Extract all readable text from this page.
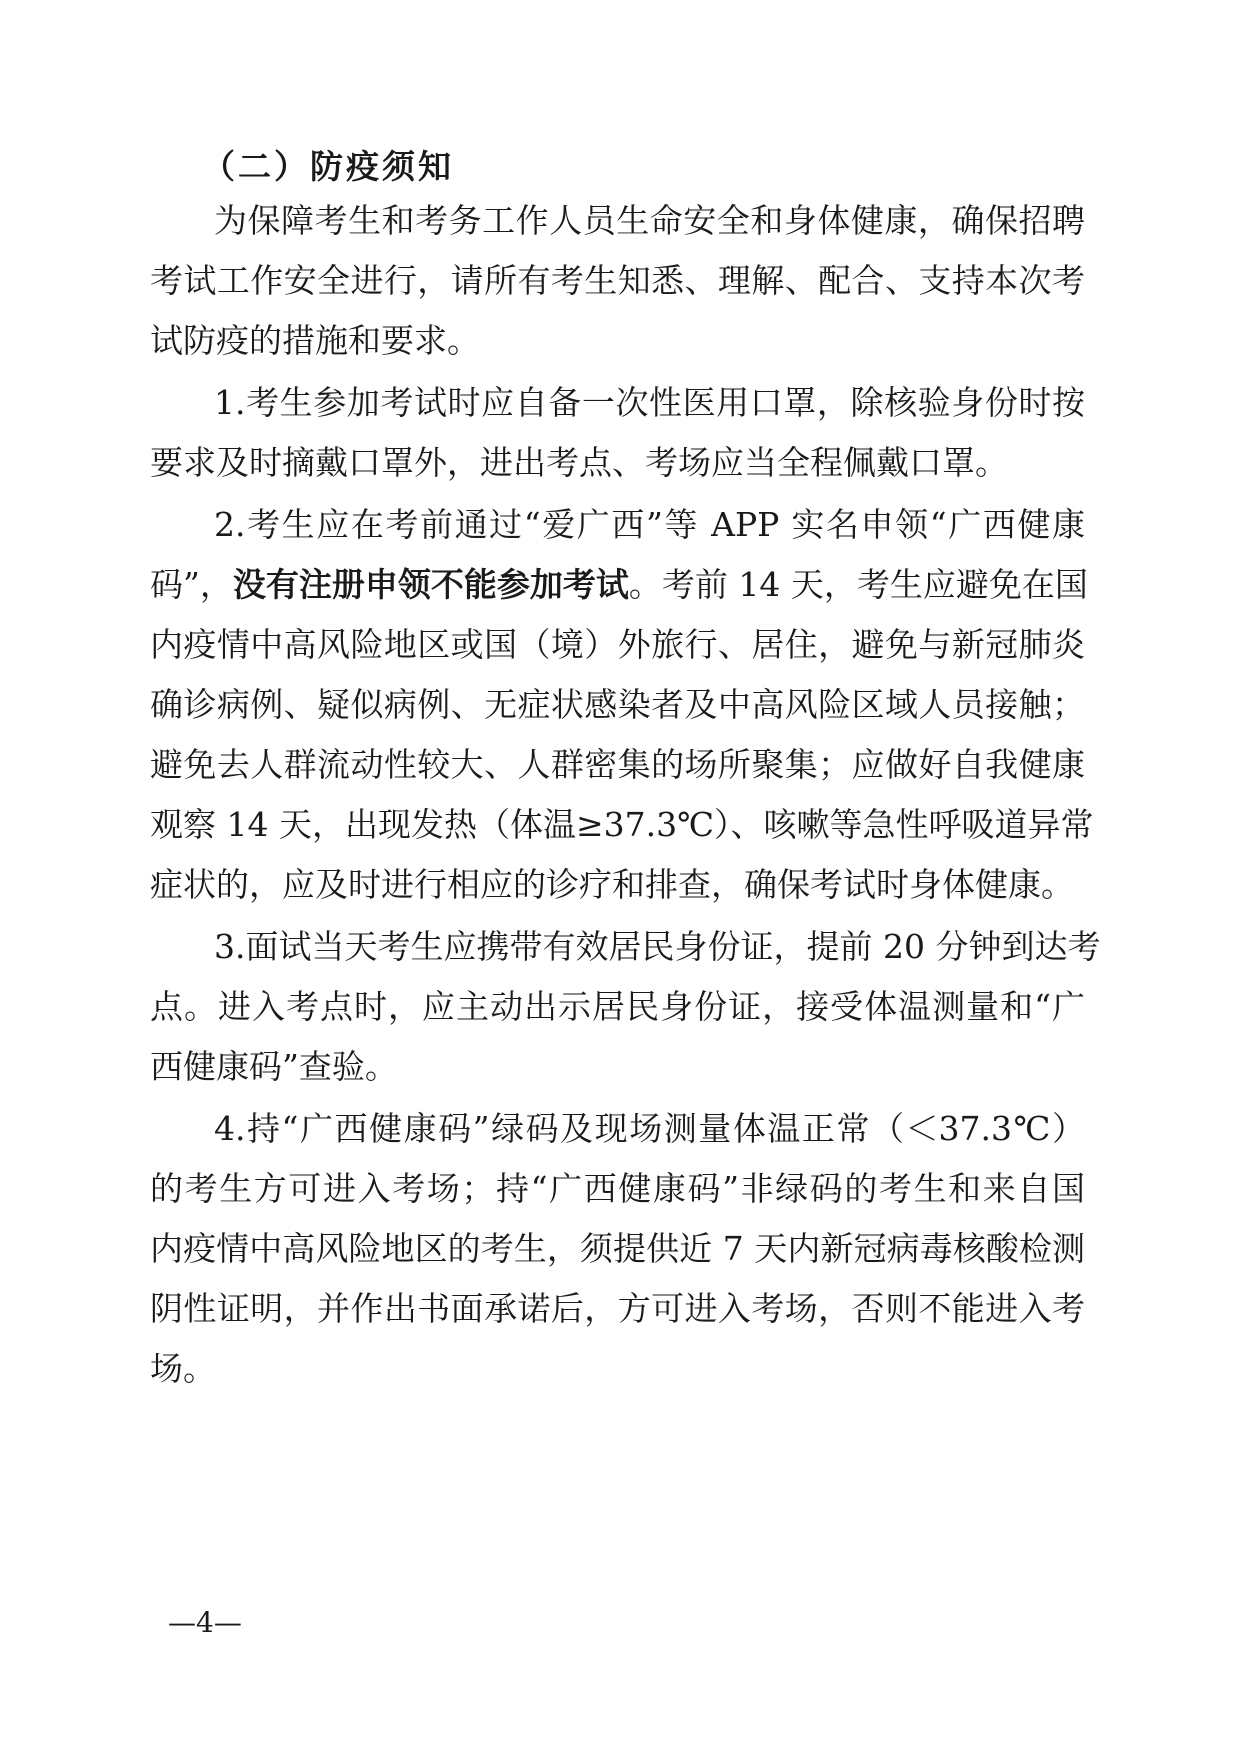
（二）防疫须知
为保障考生和考务工作人员生命安全和身体健康，确保招聘
考试工作安全进行，请所有考生知悉、理解、配合、支持本次考
试防疫的措施和要求。
1.考生参加考试时应自备一次性医用口罩，除核验身份时按
要求及时摘戴口罩外，进出考点、考场应当全程佩戴口罩。
2.考生应在考前通过“爱广西”等 APP 实名申领“广西健康
码”，没有注册申领不能参加考试。考前 14 天，考生应避免在国
内疫情中高风险地区或国（境）外旅行、居住，避免与新冠肺炎
确诊病例、疑似病例、无症状感染者及中高风险区域人员接触；
避免去人群流动性较大、人群密集的场所聚集；应做好自我健康
观察 14 天，出现发热（体温≥37.3℃）、咳嗽等急性呼吸道异常
症状的，应及时进行相应的诊疗和排查，确保考试时身体健康。
3.面试当天考生应携带有效居民身份证，提前 20 分钟到达考
点。进入考点时，应主动出示居民身份证，接受体温测量和“广
西健康码”查验。
4.持“广西健康码”绿码及现场测量体温正常（＜37.3℃）
的考生方可进入考场；持“广西健康码”非绿码的考生和来自国
内疫情中高风险地区的考生，须提供近 7 天内新冠病毒核酸检测
阴性证明，并作出书面承诺后，方可进入考场，否则不能进入考
场。
—4—
